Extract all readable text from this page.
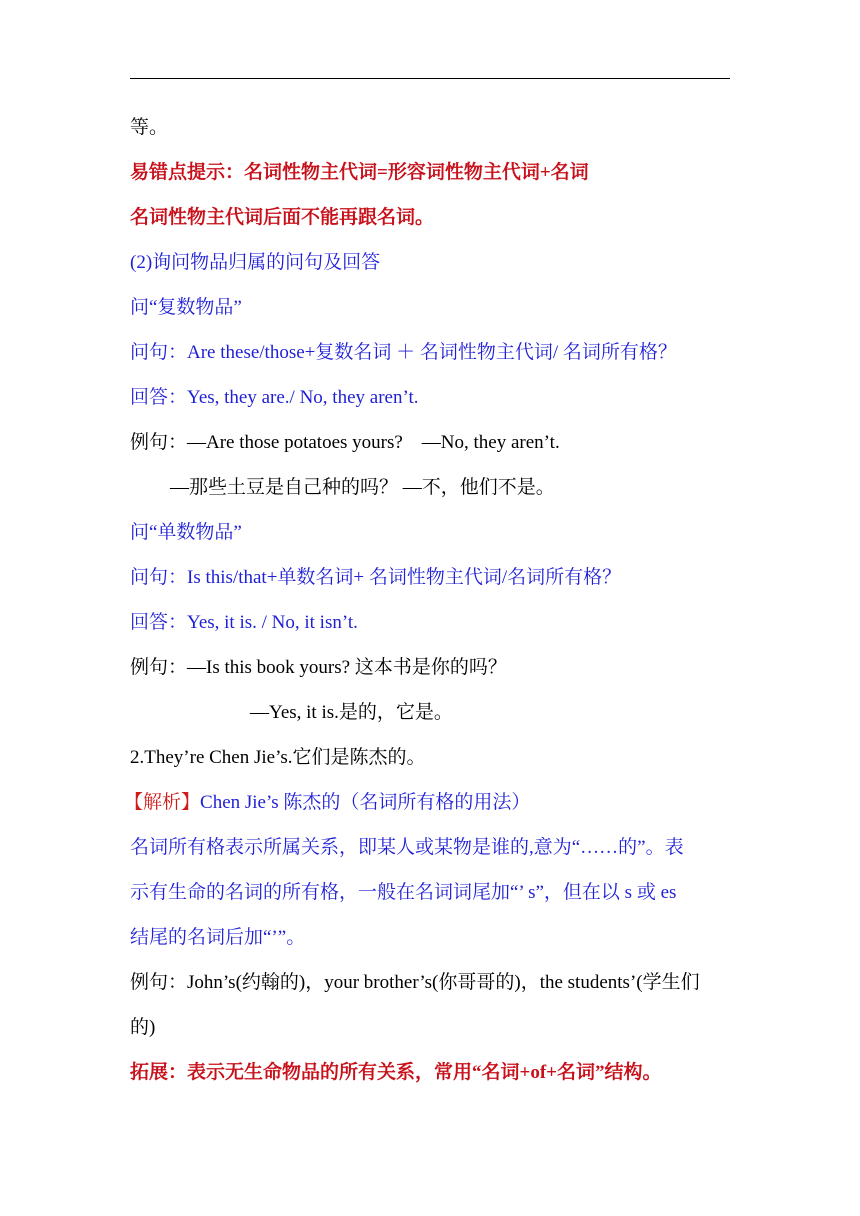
等。
易错点提示：名词性物主代词=形容词性物主代词+名词
名词性物主代词后面不能再跟名词。
(2)询问物品归属的问句及回答
问“复数物品”
问句：Are these/those+复数名词 ＋ 名词性物主代词/ 名词所有格？
回答：Yes, they are./ No, they aren’t.
例句：—Are those potatoes yours?　—No, they aren’t.
—那些土豆是自己种的吗？ —不，他们不是。
问“单数物品”
问句：Is this/that+单数名词+ 名词性物主代词/名词所有格？
回答：Yes, it is. / No, it isn’t.
例句：—Is this book yours? 这本书是你的吗？
—Yes, it is.是的，它是。
2.They’re Chen Jie’s.它们是陈杰的。
【解析】Chen Jie’s 陈杰的（名词所有格的用法）
名词所有格表示所属关系，即某人或某物是谁的,意为“……的”。表
示有生命的名词的所有格，一般在名词词尾加“’ s”，但在以 s 或 es
结尾的名词后加“’”。
例句：John’s(约翰的)，your brother’s(你哥哥的)，the students’(学生们
的)
拓展：表示无生命物品的所有关系，常用“名词+of+名词”结构。
